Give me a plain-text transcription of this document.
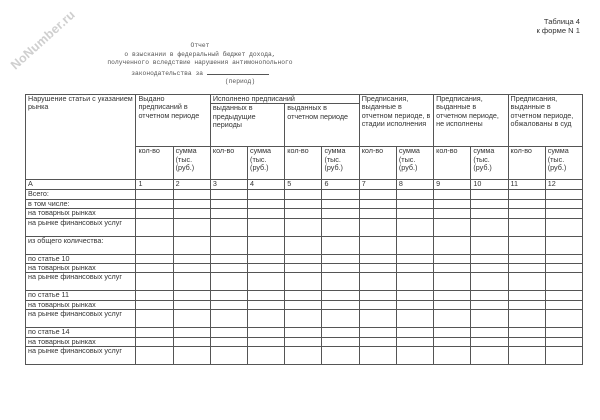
NoNumber.ru	Таблица 4
к форме N 1
Отчет
о взыскании в федеральный бюджет дохода,
полученного вследствие нарушения антимонопольного
законодательства за
(период)
Нарушение статьи с указанием рынка	Выдано предписаний в отчетном периоде		Исполнено предписаний				Предписания, выданные в отчетном периоде, в стадии исполнения		Предписания, выданные в отчетном периоде, не исполнены		Предписания, выданные в отчетном периоде, обжалованы в суд	
			выданных в предыдущие периоды		выданных в отчетном периоде							
	кол-во	сумма (тыс. (руб.)	кол-во	сумма (тыс. (руб.)	кол-во	сумма (тыс. (руб.)	кол-во	сумма (тыс. (руб.)	кол-во	сумма (тыс. (руб.)	кол-во	сумма (тыс. (руб.)
А	1	2	3	4	5	6	7	8	9	10	11	12
Всего:												
в том числе:												
на товарных рынках												
на рынке финансовых услуг												
из общего количества:												
по статье 10												
на товарных рынках												
на рынке финансовых услуг												
по статье 11												
на товарных рынках												
на рынке финансовых услуг												
по статье 14												
на товарных рынках												
на рынке финансовых услуг												
